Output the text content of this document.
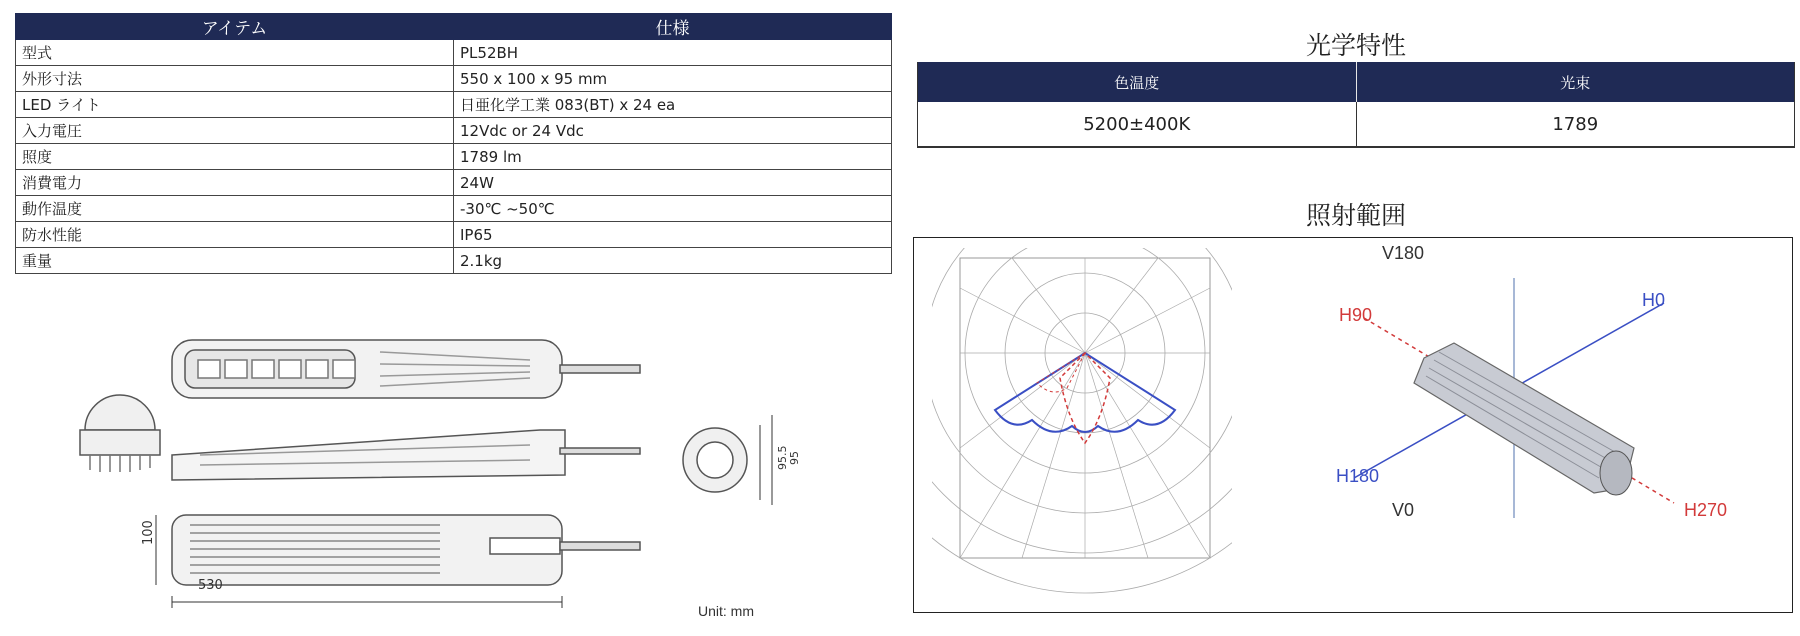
アイテム	仕様
型式	PL52BH
外形寸法	550 x 100 x 95 mm
LED ライト	日亜化学工業 083(BT) x 24 ea
入力電圧	12Vdc or 24 Vdc
照度	1789 lm
消費電力	24W
動作温度	-30℃ ~50℃
防水性能	IP65
重量	2.1kg
530
100
95.5 95
Unit: mm
光学特性
色温度	光束
5200±400K	1789
照射範囲
V180
V0
H0
H180
H90
H270
